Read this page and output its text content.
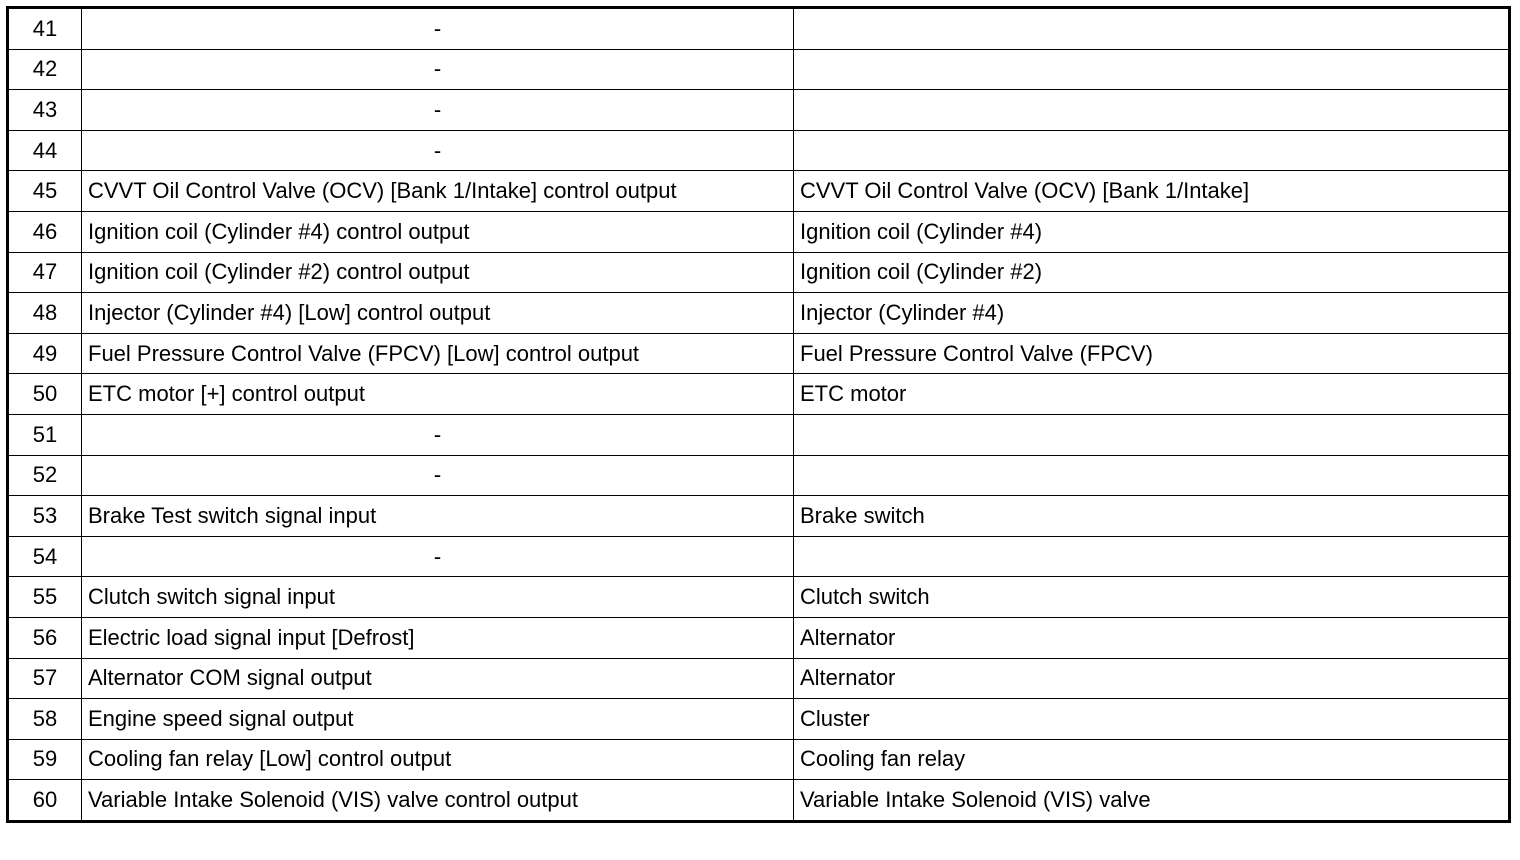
41	-	
42	-	
43	-	
44	-	
45	CVVT Oil Control Valve (OCV) [Bank 1/Intake] control output	CVVT Oil Control Valve (OCV) [Bank 1/Intake]
46	Ignition coil (Cylinder #4) control output	Ignition coil (Cylinder #4)
47	Ignition coil (Cylinder #2) control output	Ignition coil (Cylinder #2)
48	Injector (Cylinder #4) [Low] control output	Injector (Cylinder #4)
49	Fuel Pressure Control Valve (FPCV) [Low] control output	Fuel Pressure Control Valve (FPCV)
50	ETC motor [+] control output	ETC motor
51	-	
52	-	
53	Brake Test switch signal input	Brake switch
54	-	
55	Clutch switch signal input	Clutch switch
56	Electric load signal input [Defrost]	Alternator
57	Alternator COM signal output	Alternator
58	Engine speed signal output	Cluster
59	Cooling fan relay [Low] control output	Cooling fan relay
60	Variable Intake Solenoid (VIS) valve control output	Variable Intake Solenoid (VIS) valve
